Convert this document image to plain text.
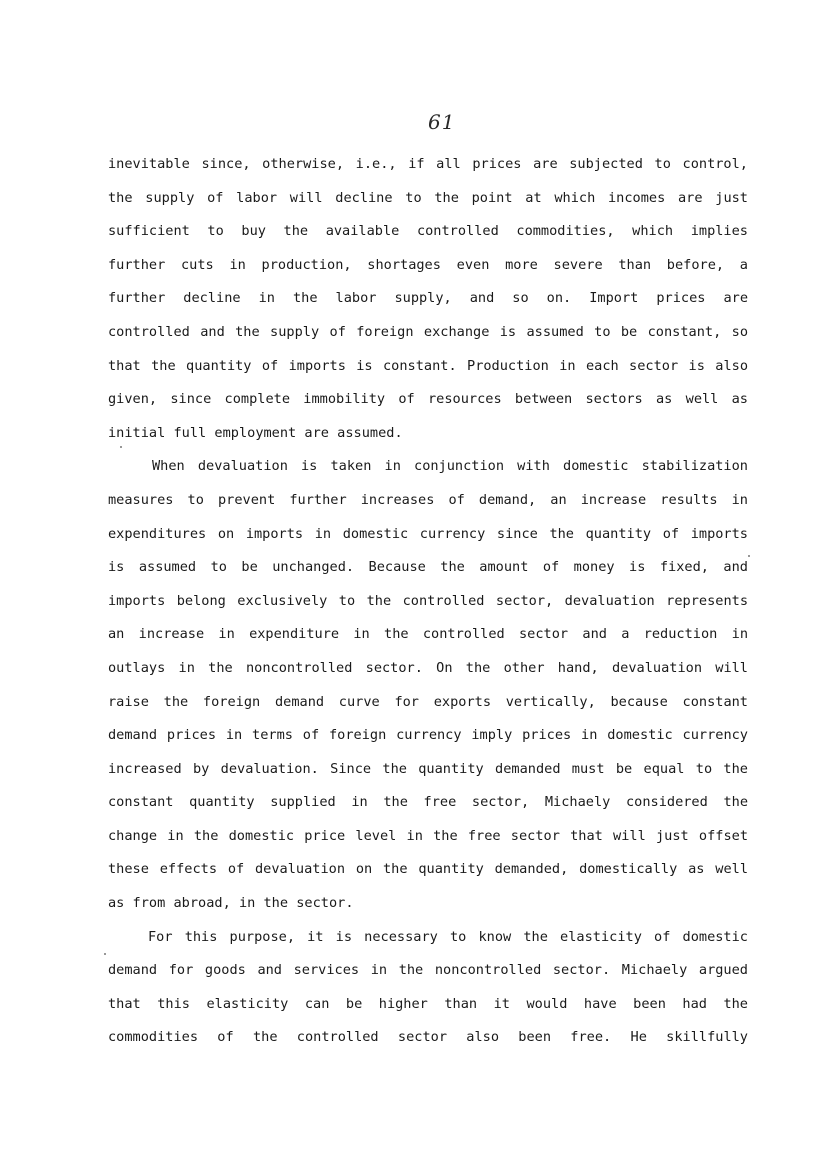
61
inevitable since, otherwise, i.e., if all prices are subjected to control,
the supply of labor will decline to the point at which incomes are just
sufficient to buy the available controlled commodities, which implies
further cuts in production, shortages even more severe than before, a
further decline in the labor supply, and so on. Import prices are
controlled and the supply of foreign exchange is assumed to be constant, so
that the quantity of imports is constant. Production in each sector is also
given, since complete immobility of resources between sectors as well as
initial full employment are assumed.
When devaluation is taken in conjunction with domestic stabilization
measures to prevent further increases of demand, an increase results in
expenditures on imports in domestic currency since the quantity of imports
is assumed to be unchanged. Because the amount of money is fixed, and
imports belong exclusively to the controlled sector, devaluation represents
an increase in expenditure in the controlled sector and a reduction in
outlays in the noncontrolled sector. On the other hand, devaluation will
raise the foreign demand curve for exports vertically, because constant
demand prices in terms of foreign currency imply prices in domestic currency
increased by devaluation. Since the quantity demanded must be equal to the
constant quantity supplied in the free sector, Michaely considered the
change in the domestic price level in the free sector that will just offset
these effects of devaluation on the quantity demanded, domestically as well
as from abroad, in the sector.
For this purpose, it is necessary to know the elasticity of domestic
demand for goods and services in the noncontrolled sector. Michaely argued
that this elasticity can be higher than it would have been had the
commodities of the controlled sector also been free. He skillfully
